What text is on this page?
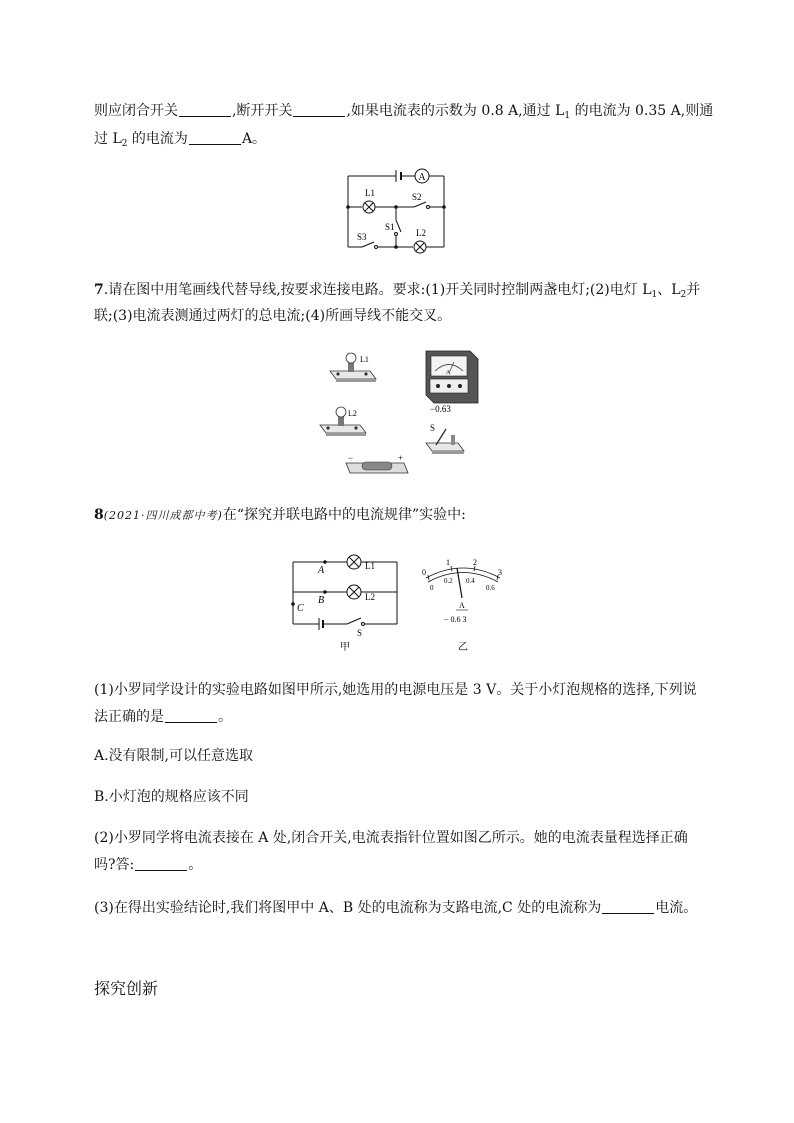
则应闭合开关	,断开开关	,如果电流表的示数为 0.8 A,通过 $L_1$ 的电流为 0.35 A,则通
过 $L_2$ 的电流为	A。
A
L1	S2
S1
S3	L2
7.请在图中用笔画线代替导线,按要求连接电路。要求:(1)开关同时控制两盏电灯;(2)电灯 $L_1$、$L_2$并
联;(3)电流表测通过两灯的总电流;(4)所画导线不能交叉。
L1
L2
−	+
A
−0.63
S
8(2021·四川成都中考)在“探究并联电路中的电流规律”实验中:
A
B
C
L1
L2
S
甲
0
1	2
3
0
0.2 0.4
0.6
A
− 0.6 3
乙
(1)小罗同学设计的实验电路如图甲所示,她选用的电源电压是 3 V。关于小灯泡规格的选择,下列说
法正确的是	。
A.没有限制,可以任意选取
B.小灯泡的规格应该不同
(2)小罗同学将电流表接在 A 处,闭合开关,电流表指针位置如图乙所示。她的电流表量程选择正确
吗?答:	。
(3)在得出实验结论时,我们将图甲中 A、B 处的电流称为支路电流,C 处的电流称为	电流。
探究创新
